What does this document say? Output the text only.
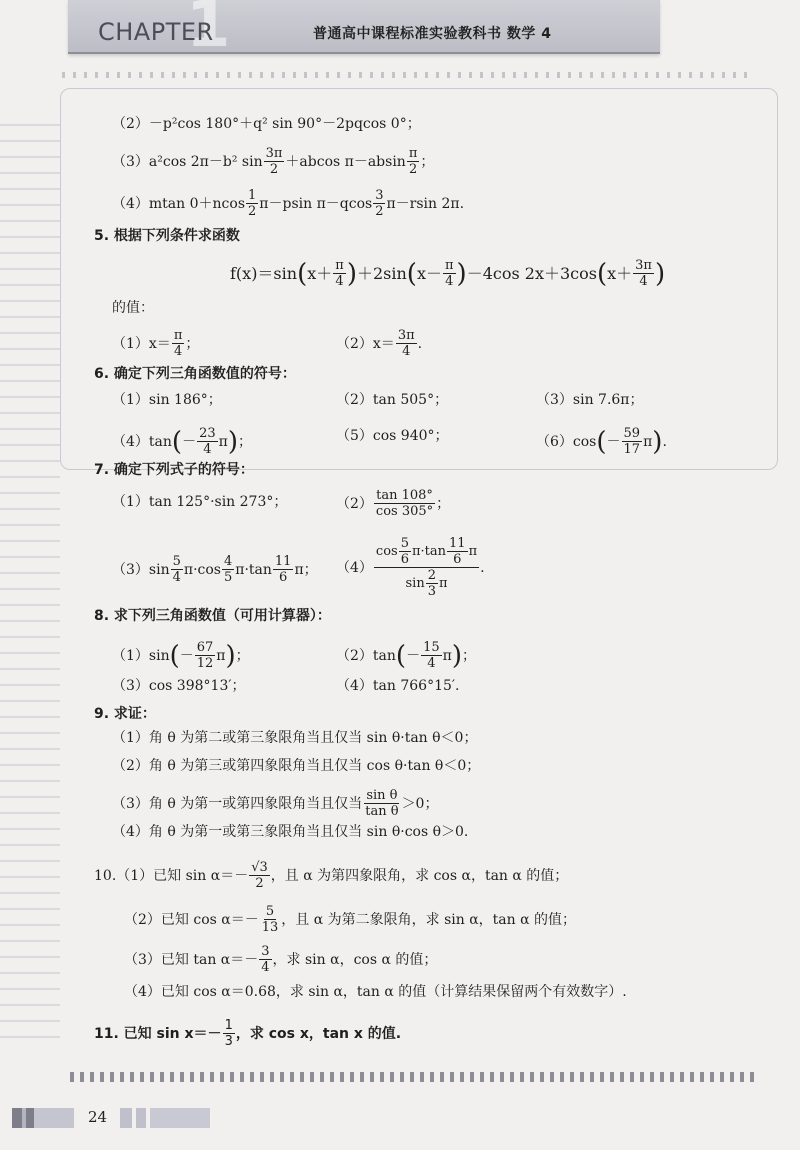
1
CHAPTER	普通高中课程标准实验教科书 数学 4
（2）－p²cos 180°＋q² sin 90°－2pqcos 0°；
（3）a²cos 2π－b² $\sin \frac{3\pi}{2} +abcos$ $\pi-absin \frac{\pi}{2}$ ；
（4）mtan $0+ncos \frac{1}{2} \pi-psin$ $\pi-qcos \frac{3}{2} \pi-rsin$ 2π.
5. 根据下列条件求函数
f(x)＝sin ( $x+ \frac{\pi}{4}$ ) ＋2sin ( $x- \frac{\pi}{4}$ ) －4cos 2x＋3cos ( $x+ \frac{3\pi}{4}$ )
的值：
$(1)x= \frac{\pi}{4}$ ；	$(2)x= \frac{3\pi}{4}$ .
6. 确定下列三角函数值的符号：
（1）sin 186°；	（2）tan 505°；	（3）sin 7.6π；
（4）tan ( － $\frac{23}{4}$ π ) ；	（5）cos 940°；	（6）cos ( － $\frac{59}{17}$ π ) .
7. 确定下列式子的符号：
（1）tan 125°·sin 273°；	$(2) \frac{\tan 108^\circ}{\cos 305^\circ}$ ；
$(3)\sin \frac{5}{4} \pi\cdot\cos \frac{4}{5} \pi\cdot\tan \frac{11}{6}$ π； $(4) \frac{\cos \frac{5}{6} \pi\cdot\tan \frac{11}{6} \pi}{\sin \frac{2}{3} \pi}$ .
8. 求下列三角函数值（可用计算器）：
（1）sin ( － $\frac{67}{12}$ π ) ；	（2）tan ( － $\frac{15}{4}$ π ) ；
（3）cos 398°13′；	（4）tan 766°15′.
9. 求证：
（1）角 θ 为第二或第三象限角当且仅当 sin θ·tan θ＜0；
（2）角 θ 为第三或第四象限角当且仅当 cos θ·tan θ＜0；
（3）角 θ 为第一或第四象限角当且仅当 $\frac{\text{sin θ}}{\text{tan θ}} >0$；
（4）角 θ 为第一或第三象限角当且仅当 sin θ·cos θ＞0.
10.（1）已知 $\sin \alpha=- \frac{√3}{2}$ ，且 α 为第四象限角，求 cos α，tan α 的值；
（2）已知 $\cos \alpha=- \frac{5}{13}$ ，且 α 为第二象限角，求 sin α，tan α 的值；
（3）已知 $\tan \alpha=- \frac{3}{4}$ ，求 sin α，cos α 的值；
（4）已知 cos α＝0.68，求 sin α，tan α 的值（计算结果保留两个有效数字）.
11. 已知 $\sin x=- \frac{1}{3}$ ，求 cos x，tan x 的值.
24
